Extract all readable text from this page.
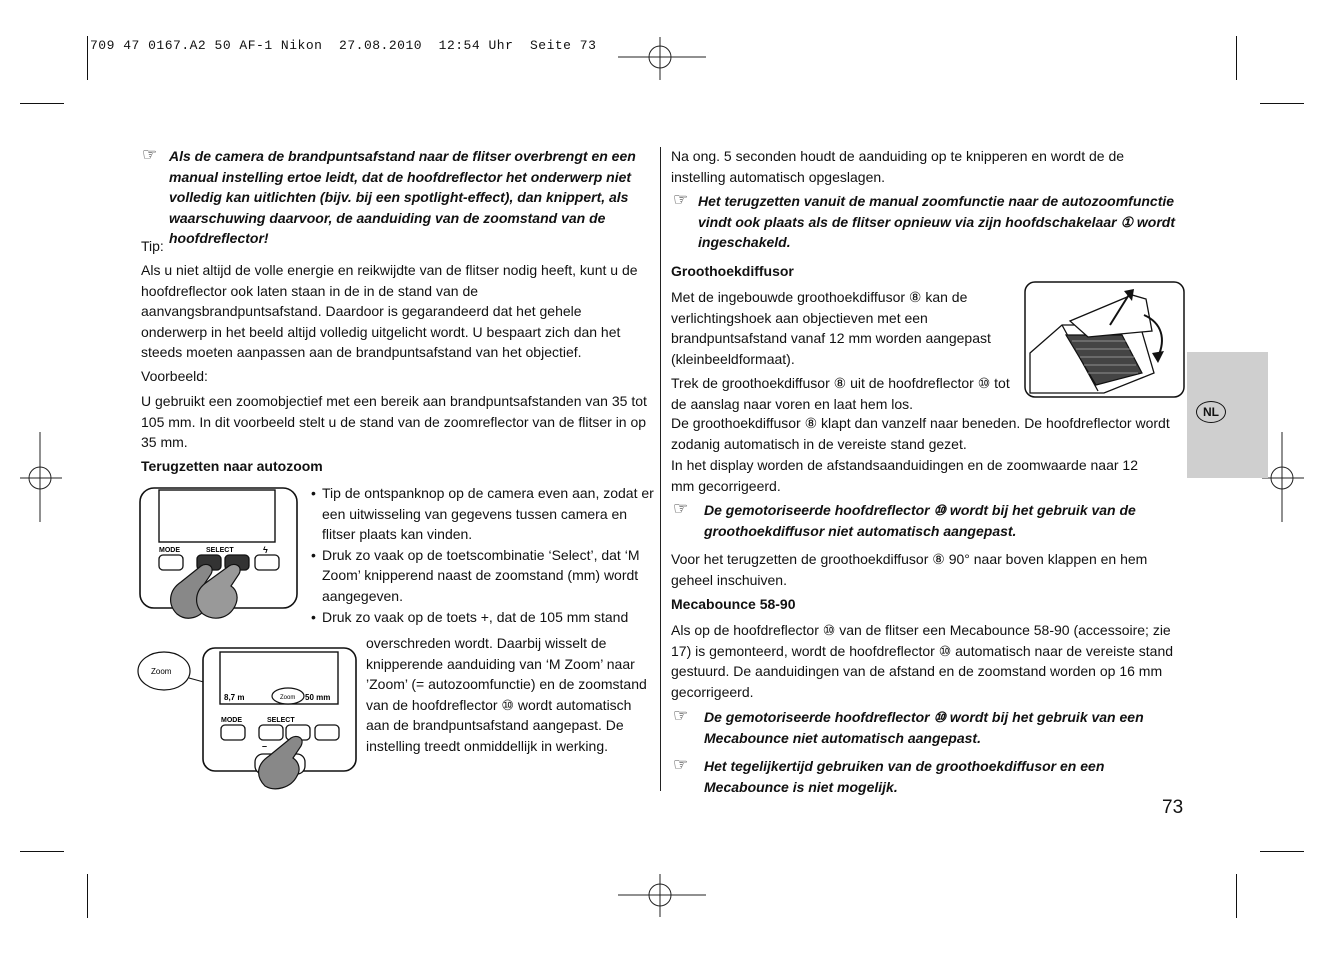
709 47 0167.A2 50 AF-1 Nikon  27.08.2010  12:54 Uhr  Seite 73
☞ Als de camera de brandpuntsafstand naar de flitser overbrengt en een manual instelling ertoe leidt, dat de hoofdreflector het onderwerp niet volledig kan uitlichten (bijv. bij een spotlight-effect), dan knippert, als waarschuwing daarvoor, de aanduiding van de zoomstand van de hoofdreflector!
Tip:
Als u niet altijd de volle energie en reikwijdte van de flitser nodig heeft, kunt u de hoofdreflector ook laten staan in de in de stand van de aanvangsbrandpuntsafstand. Daardoor is gegarandeerd dat het gehele onderwerp in het beeld altijd volledig uitgelicht wordt. U bespaart zich dan het steeds moeten aanpassen aan de brandpuntsafstand van het objectief.
Voorbeeld:
U gebruikt een zoomobjectief met een bereik aan brandpuntsafstanden van 35 tot 105 mm. In dit voorbeeld stelt u de stand van de zoomreflector van de flitser in op 35 mm.
Terugzetten naar autozoom
• Tip de ontspanknop op de camera even aan, zodat er een uitwisseling van gegevens tussen camera en flitser plaats kan vinden.
• Druk zo vaak op de toetscombinatie ‘Select’, dat ‘M Zoom’ knipperend naast de zoomstand (mm) wordt aangegeven.
• Druk zo vaak op de toets +, dat de 105 mm stand
overschreden wordt. Daarbij wisselt de knipperende aanduiding van ‘M Zoom’ naar ’Zoom’ (= autozoomfunctie) en de zoomstand van de hoofdreflector ⑩ wordt automatisch aan de brandpuntsafstand aangepast. De instelling treedt onmiddellijk in werking.
MODE	SELECT	ϟ
Zoom
8,7 m	Zoom 50 mm
MODE	SELECT
–
Na ong. 5 seconden houdt de aanduiding op te knipperen en wordt de de instelling automatisch opgeslagen.
☞ Het terugzetten vanuit de manual zoomfunctie naar de autozoomfunctie vindt ook plaats als de flitser opnieuw via zijn hoofdschakelaar ① wordt ingeschakeld.
Groothoekdiffusor
Met de ingebouwde groothoekdiffusor ⑧ kan de verlichtingshoek aan objectieven met een brandpuntsafstand vanaf 12 mm worden aangepast (kleinbeeldformaat).
Trek de groothoekdiffusor ⑧ uit de hoofdreflector ⑩ tot de aanslag naar voren en laat hem los.
De groothoekdiffusor ⑧ klapt dan vanzelf naar beneden. De hoofdreflector wordt zodanig automatisch in de vereiste stand gezet.
In het display worden de afstandsaanduidingen en de zoomwaarde naar 12 mm gecorrigeerd.
☞ De gemotoriseerde hoofdreflector ⑩ wordt bij het gebruik van de groothoekdiffusor niet automatisch aangepast.
Voor het terugzetten de groothoekdiffusor ⑧ 90° naar boven klappen en hem geheel inschuiven.
Mecabounce 58-90
Als op de hoofdreflector ⑩ van de flitser een Mecabounce 58-90 (accessoire; zie 17) is gemonteerd, wordt de hoofdreflector ⑩ automatisch naar de vereiste stand gestuurd. De aanduidingen van de afstand en de zoomstand worden op 16 mm gecorrigeerd.
☞ De gemotoriseerde hoofdreflector ⑩ wordt bij het gebruik van een Mecabounce niet automatisch aangepast.
☞ Het tegelijkertijd gebruiken van de groothoekdiffusor en een Mecabounce is niet mogelijk.
NL
73
